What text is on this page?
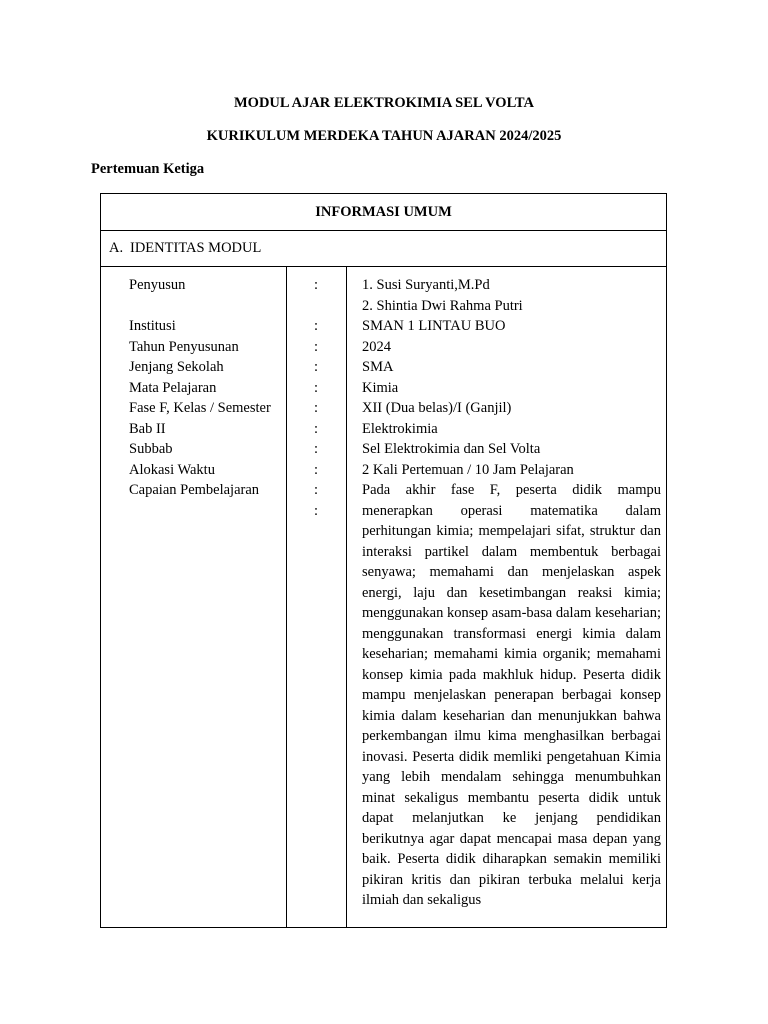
MODUL AJAR ELEKTROKIMIA SEL VOLTA
KURIKULUM MERDEKA TAHUN AJARAN 2024/2025
Pertemuan Ketiga
INFORMASI UMUM
A. IDENTITAS MODUL
Penyusun
Institusi
Tahun Penyusunan
Jenjang Sekolah
Mata Pelajaran
Fase F, Kelas / Semester
Bab II
Subbab
Alokasi Waktu
Capaian Pembelajaran
:
:
:
:
:
:
:
:
:
:
:
1. Susi Suryanti,M.Pd
2. Shintia Dwi Rahma Putri
SMAN 1 LINTAU BUO
2024
SMA
Kimia
XII (Dua belas)/I (Ganjil)
Elektrokimia
Sel Elektrokimia dan Sel Volta
2 Kali Pertemuan / 10 Jam Pelajaran
Pada akhir fase F, peserta didik mampu menerapkan operasi matematika dalam perhitungan kimia; mempelajari sifat, struktur dan interaksi partikel dalam membentuk berbagai senyawa; memahami dan menjelaskan aspek energi, laju dan kesetimbangan reaksi kimia; menggunakan konsep asam-basa dalam keseharian; menggunakan transformasi energi kimia dalam keseharian; memahami kimia organik; memahami konsep kimia pada makhluk hidup. Peserta didik mampu menjelaskan penerapan berbagai konsep kimia dalam keseharian dan menunjukkan bahwa perkembangan ilmu kima menghasilkan berbagai inovasi. Peserta didik memliki pengetahuan Kimia yang lebih mendalam sehingga menumbuhkan minat sekaligus membantu peserta didik untuk dapat melanjutkan ke jenjang pendidikan berikutnya agar dapat mencapai masa depan yang baik. Peserta didik diharapkan semakin memiliki pikiran kritis dan pikiran terbuka melalui kerja ilmiah dan sekaligus
